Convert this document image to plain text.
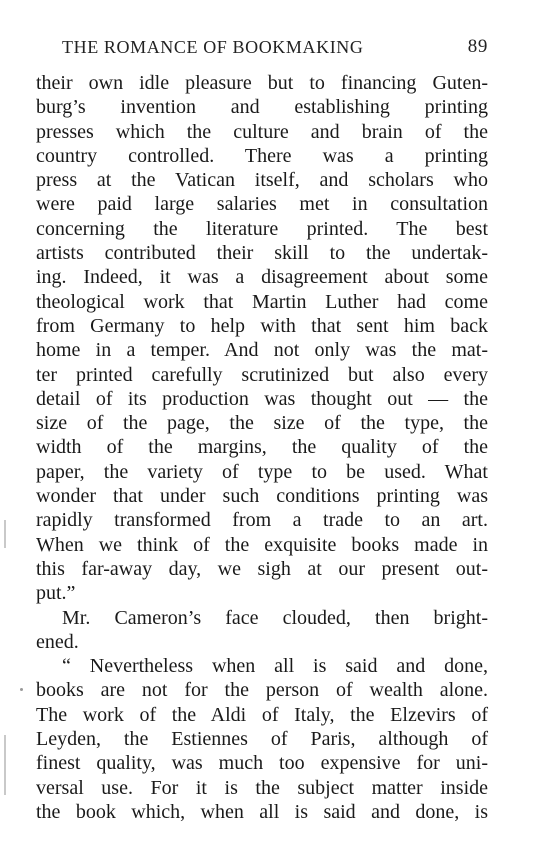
THE ROMANCE OF BOOKMAKING	89
their own idle pleasure but to financing Guten-
burg’s invention and establishing printing
presses which the culture and brain of the
country controlled. There was a printing
press at the Vatican itself, and scholars who
were paid large salaries met in consultation
concerning the literature printed. The best
artists contributed their skill to the undertak-
ing. Indeed, it was a disagreement about some
theological work that Martin Luther had come
from Germany to help with that sent him back
home in a temper. And not only was the mat-
ter printed carefully scrutinized but also every
detail of its production was thought out — the
size of the page, the size of the type, the
width of the margins, the quality of the
paper, the variety of type to be used. What
wonder that under such conditions printing was
rapidly transformed from a trade to an art.
When we think of the exquisite books made in
this far-away day, we sigh at our present out-
put.”
Mr. Cameron’s face clouded, then bright-
ened.
“ Nevertheless when all is said and done,
books are not for the person of wealth alone.
The work of the Aldi of Italy, the Elzevirs of
Leyden, the Estiennes of Paris, although of
finest quality, was much too expensive for uni-
versal use. For it is the subject matter inside
the book which, when all is said and done, is
